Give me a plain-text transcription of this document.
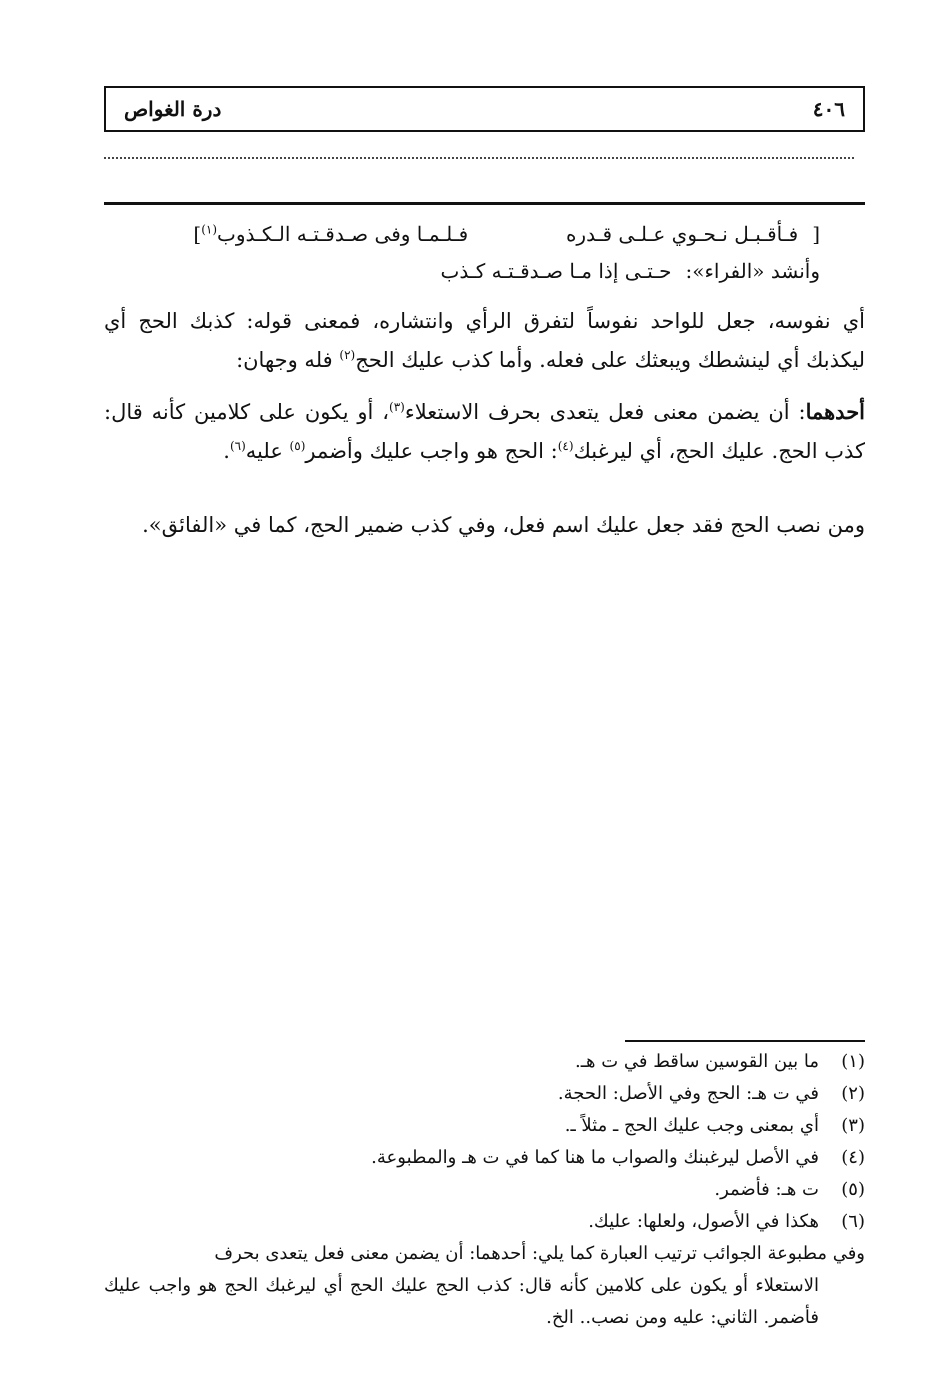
٤٠٦
درة الغواص
[
فـأقـبـل نـحـوي عـلـى قـدره
فـلـمـا وفى صـدقـتـه الـكـذوب$^{(١)}$]
وأنشد «الفراء»:
حـتـى إذا مـا صـدقـتـه كـذب
أي نفوسه، جعل للواحد نفوساً لتفرق الرأي وانتشاره، فمعنى قوله: كذبك الحج أي ليكذبك أي لينشطك ويبعثك على فعله. وأما كذب عليك الحج$^{(٢)}$ فله وجهان:
أحدهما: أن يضمن معنى فعل يتعدى بحرف الاستعلاء$^{(٣)}$، أو يكون على كلامين كأنه قال: كذب الحج. عليك الحج، أي ليرغبك$^{(٤)}$: الحج هو واجب عليك وأضمر$^{(٥)}$ عليه$^{(٦)}$.
ومن نصب الحج فقد جعل عليك اسم فعل، وفي كذب ضمير الحج، كما في «الفائق».
(١)
ما بين القوسين ساقط في ت هـ.
(٢)
في ت هـ: الحج وفي الأصل: الحجة.
(٣)
أي بمعنى وجب عليك الحج ـ مثلاً ـ.
(٤)
في الأصل ليرغبنك والصواب ما هنا كما في ت هـ والمطبوعة.
(٥)
ت هـ: فأضمر.
(٦)
هكذا في الأصول، ولعلها: عليك.
وفي مطبوعة الجوائب ترتيب العبارة كما يلي: أحدهما: أن يضمن معنى فعل يتعدى بحرف
الاستعلاء أو يكون على كلامين كأنه قال: كذب الحج عليك الحج أي ليرغبك الحج هو واجب عليك فأضمر. الثاني: عليه ومن نصب.. الخ.
